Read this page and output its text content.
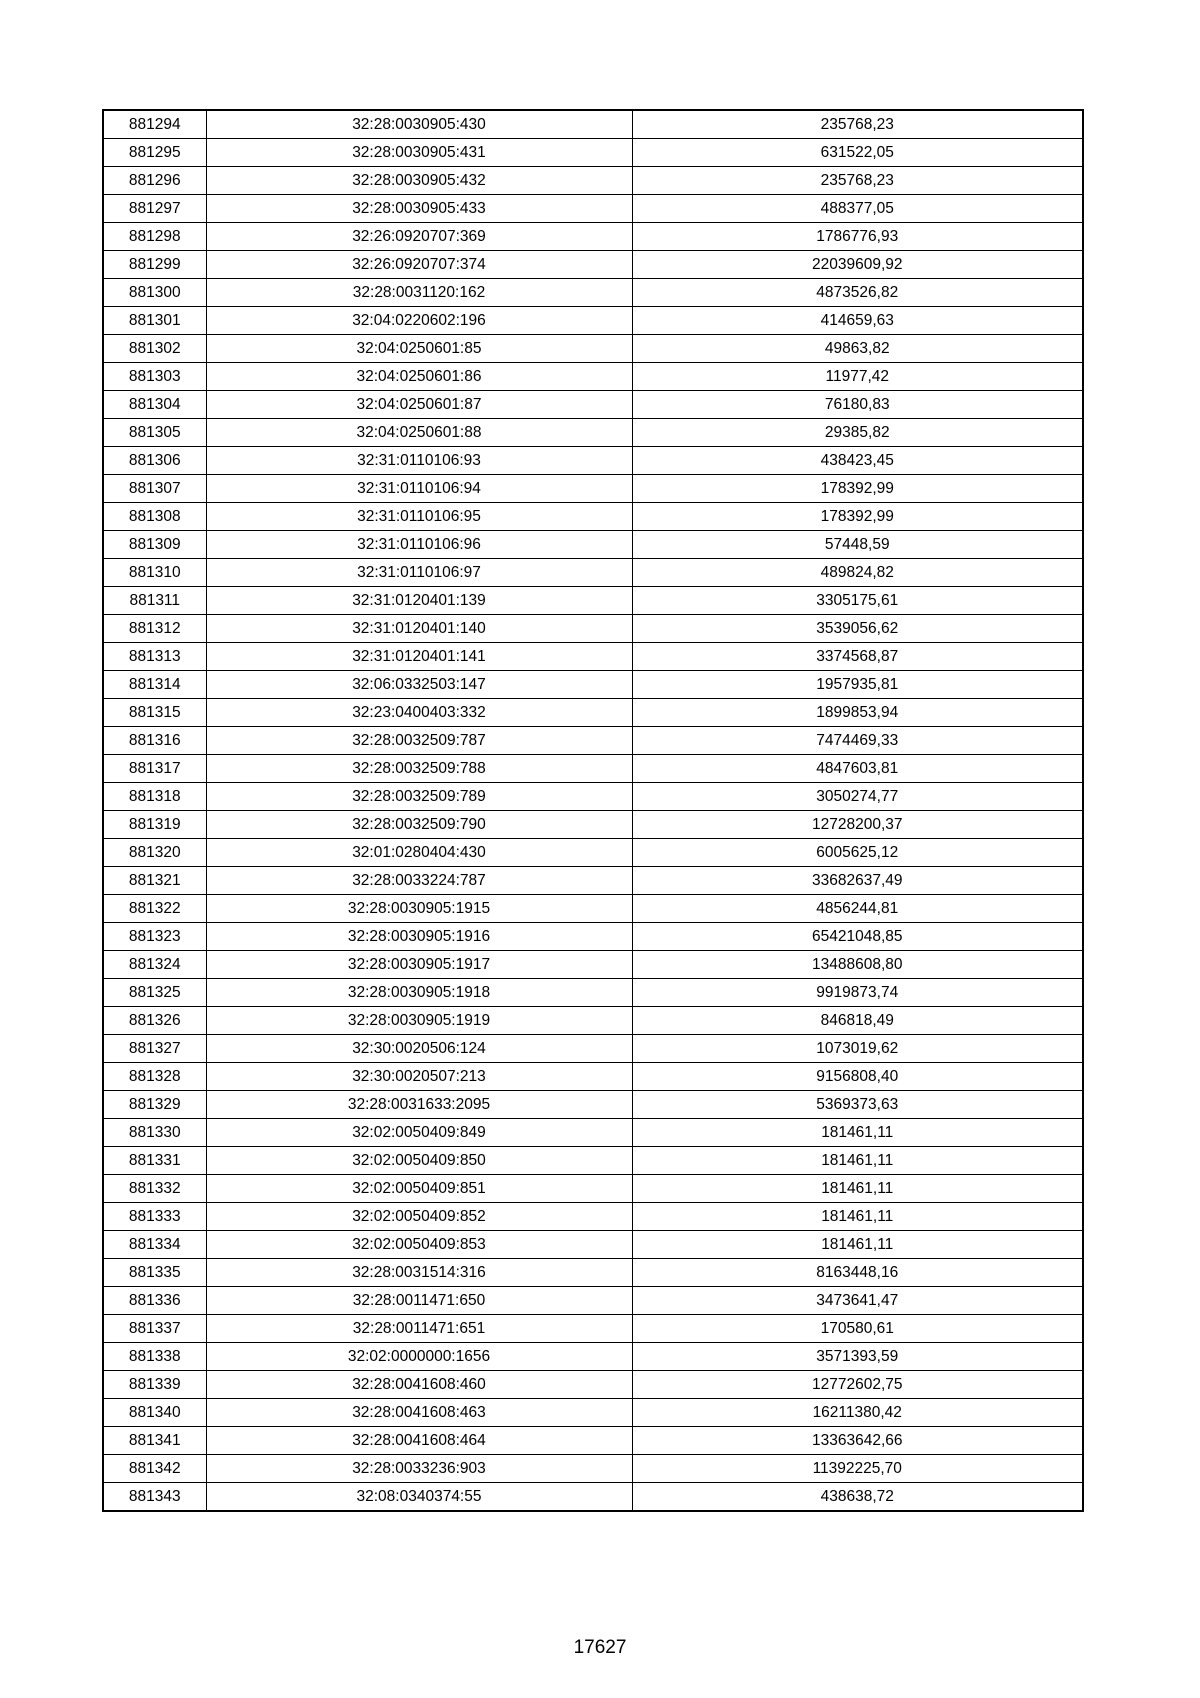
881294	32:28:0030905:430	235768,23
881295	32:28:0030905:431	631522,05
881296	32:28:0030905:432	235768,23
881297	32:28:0030905:433	488377,05
881298	32:26:0920707:369	1786776,93
881299	32:26:0920707:374	22039609,92
881300	32:28:0031120:162	4873526,82
881301	32:04:0220602:196	414659,63
881302	32:04:0250601:85	49863,82
881303	32:04:0250601:86	11977,42
881304	32:04:0250601:87	76180,83
881305	32:04:0250601:88	29385,82
881306	32:31:0110106:93	438423,45
881307	32:31:0110106:94	178392,99
881308	32:31:0110106:95	178392,99
881309	32:31:0110106:96	57448,59
881310	32:31:0110106:97	489824,82
881311	32:31:0120401:139	3305175,61
881312	32:31:0120401:140	3539056,62
881313	32:31:0120401:141	3374568,87
881314	32:06:0332503:147	1957935,81
881315	32:23:0400403:332	1899853,94
881316	32:28:0032509:787	7474469,33
881317	32:28:0032509:788	4847603,81
881318	32:28:0032509:789	3050274,77
881319	32:28:0032509:790	12728200,37
881320	32:01:0280404:430	6005625,12
881321	32:28:0033224:787	33682637,49
881322	32:28:0030905:1915	4856244,81
881323	32:28:0030905:1916	65421048,85
881324	32:28:0030905:1917	13488608,80
881325	32:28:0030905:1918	9919873,74
881326	32:28:0030905:1919	846818,49
881327	32:30:0020506:124	1073019,62
881328	32:30:0020507:213	9156808,40
881329	32:28:0031633:2095	5369373,63
881330	32:02:0050409:849	181461,11
881331	32:02:0050409:850	181461,11
881332	32:02:0050409:851	181461,11
881333	32:02:0050409:852	181461,11
881334	32:02:0050409:853	181461,11
881335	32:28:0031514:316	8163448,16
881336	32:28:0011471:650	3473641,47
881337	32:28:0011471:651	170580,61
881338	32:02:0000000:1656	3571393,59
881339	32:28:0041608:460	12772602,75
881340	32:28:0041608:463	16211380,42
881341	32:28:0041608:464	13363642,66
881342	32:28:0033236:903	11392225,70
881343	32:08:0340374:55	438638,72
17627
